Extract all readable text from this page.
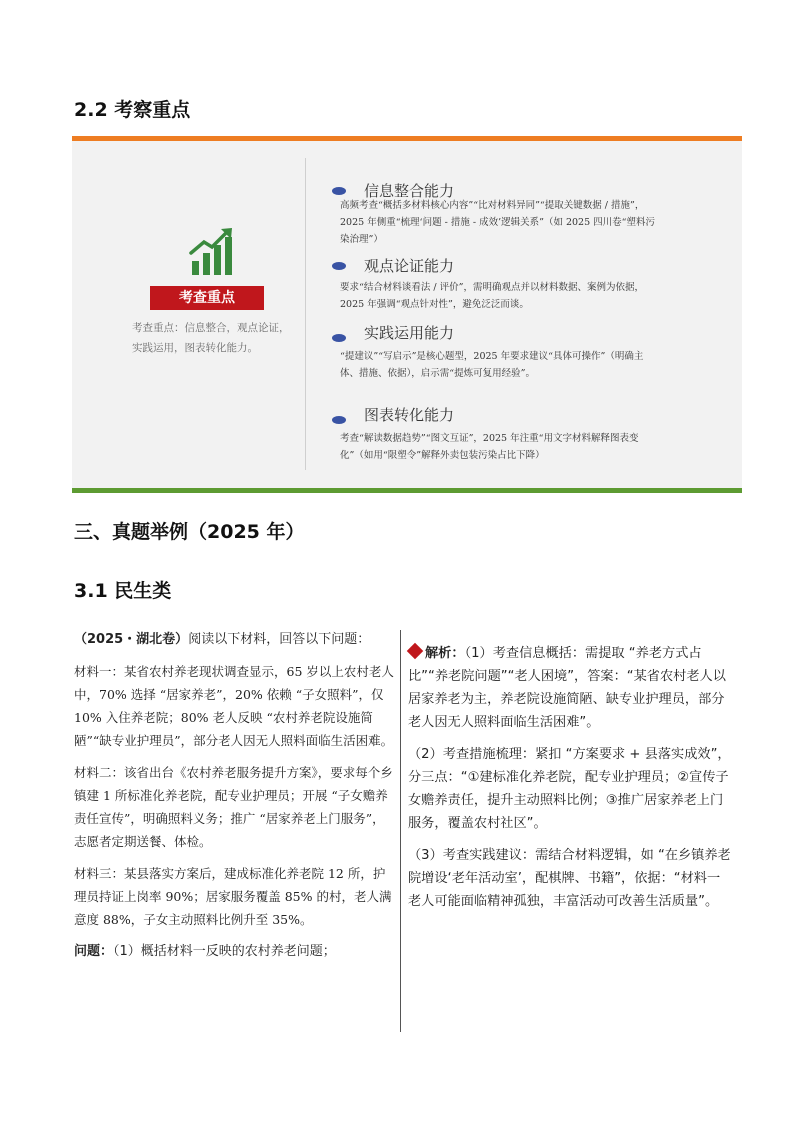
2.2 考察重点
考查重点
考查重点：信息整合，观点论证，实践运用，图表转化能力。
信息整合能力
高频考查“概括多材料核心内容”“比对材料异同”“提取关键数据 / 措施”，2025 年侧重“梳理‘问题 - 措施 - 成效’逻辑关系”（如 2025 四川卷“塑料污染治理”）
观点论证能力
要求“结合材料谈看法 / 评价”，需明确观点并以材料数据、案例为依据，2025 年强调“观点针对性”，避免泛泛而谈。
实践运用能力
“提建议”“写启示”是核心题型，2025 年要求建议“具体可操作”（明确主体、措施、依据），启示需“提炼可复用经验”。
图表转化能力
考查“解读数据趋势”“图文互证”，2025 年注重“用文字材料解释图表变化”（如用“限塑令”解释外卖包装污染占比下降）
三、真题举例（2025 年）
3.1 民生类

（2025・湖北卷）阅读以下材料，回答以下问题：

材料一：某省农村养老现状调查显示，65 岁以上农村老人中，70% 选择 “居家养老”，20% 依赖 “子女照料”，仅 10% 入住养老院；80% 老人反映 “农村养老院设施简陋”“缺专业护理员”，部分老人因无人照料面临生活困难。

材料二：该省出台《农村养老服务提升方案》，要求每个乡镇建 1 所标准化养老院，配专业护理员；开展 “子女赡养责任宣传”，明确照料义务；推广 “居家养老上门服务”，志愿者定期送餐、体检。

材料三：某县落实方案后，建成标准化养老院 12 所，护理员持证上岗率 90%；居家服务覆盖 85% 的村，老人满意度 88%，子女主动照料比例升至 35%。

问题：（1）概括材料一反映的农村养老问题；

解析：（1）考查信息概括：需提取 “养老方式占比”“养老院问题”“老人困境”，答案：“某省农村老人以居家养老为主，养老院设施简陋、缺专业护理员，部分老人因无人照料面临生活困难”。

（2）考查措施梳理：紧扣 “方案要求 + 县落实成效”，分三点：“①建标准化养老院，配专业护理员；②宣传子女赡养责任，提升主动照料比例；③推广居家养老上门服务，覆盖农村社区”。

（3）考查实践建议：需结合材料逻辑，如 “在乡镇养老院增设‘老年活动室’，配棋牌、书籍”，依据：“材料一老人可能面临精神孤独，丰富活动可改善生活质量”。
